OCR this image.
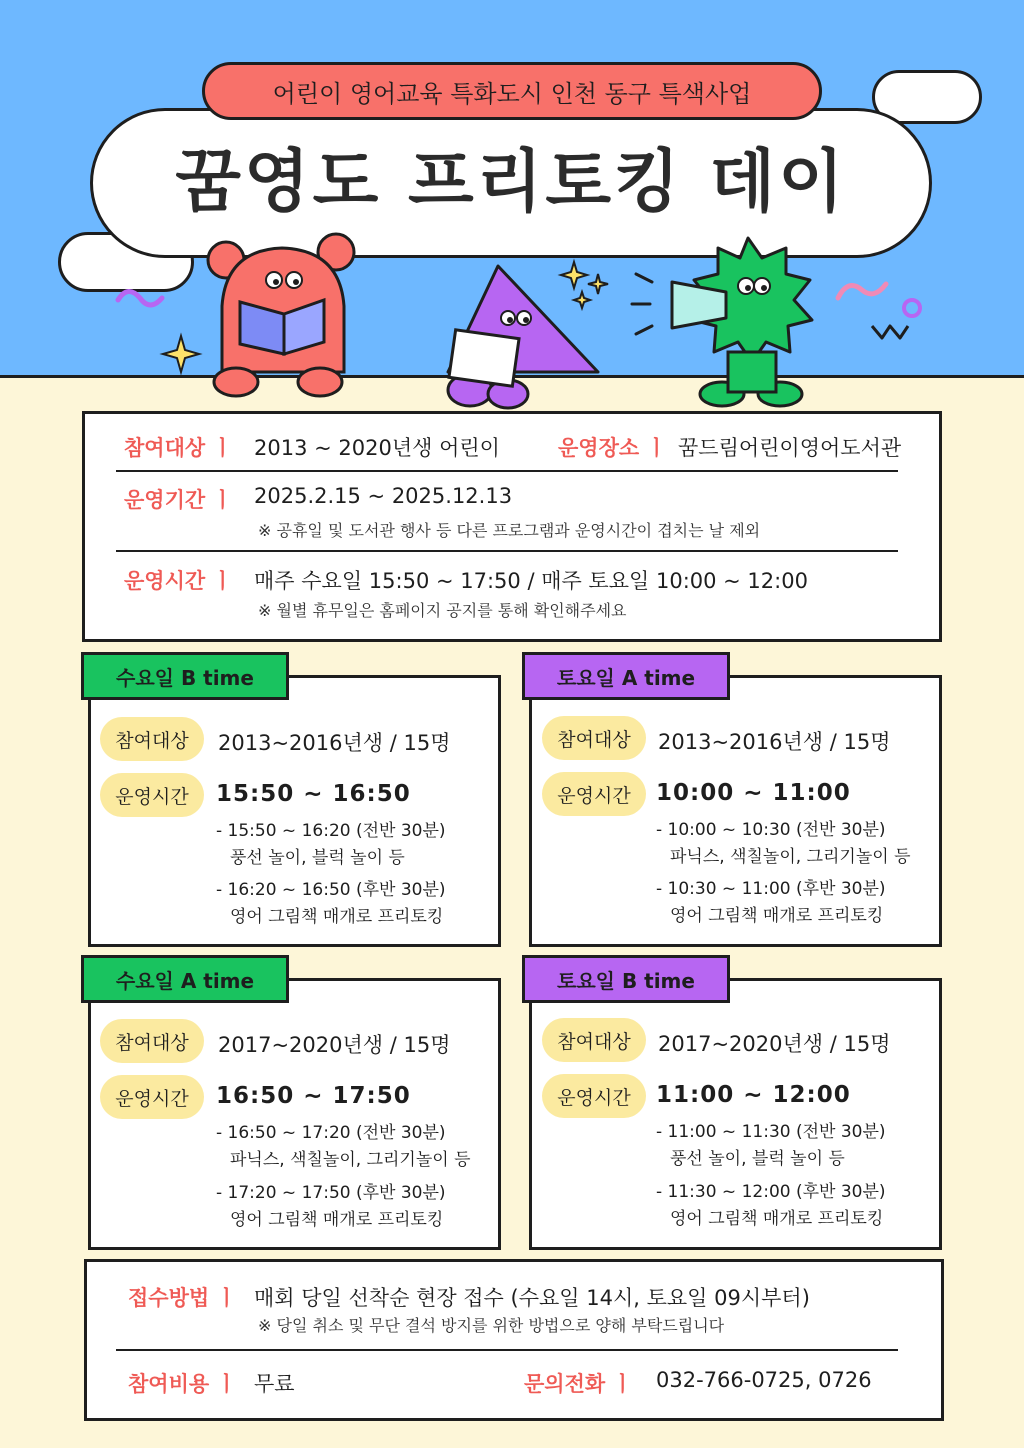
어린이 영어교육 특화도시 인천 동구 특색사업
꿈영도 프리토킹 데이
참여대상 ㅣ 2013 ~ 2020년생 어린이	운영장소 ㅣ 꿈드림어린이영어도서관
운영기간 ㅣ 2025.2.15 ~ 2025.12.13
※ 공휴일 및 도서관 행사 등 다른 프로그램과 운영시간이 겹치는 날 제외
운영시간 ㅣ 매주 수요일 15:50 ~ 17:50 / 매주 토요일 10:00 ~ 12:00
※ 월별 휴무일은 홈페이지 공지를 통해 확인해주세요
수요일 B time
참여대상	2013~2016년생 / 15명
운영시간	15:50 ~ 16:50
- 15:50 ~ 16:20 (전반 30분)
풍선 놀이, 블럭 놀이 등
- 16:20 ~ 16:50 (후반 30분)
영어 그림책 매개로 프리토킹
토요일 A time
참여대상	2013~2016년생 / 15명
운영시간	10:00 ~ 11:00
- 10:00 ~ 10:30 (전반 30분)
파닉스, 색칠놀이, 그리기놀이 등
- 10:30 ~ 11:00 (후반 30분)
영어 그림책 매개로 프리토킹
수요일 A time
참여대상	2017~2020년생 / 15명
운영시간	16:50 ~ 17:50
- 16:50 ~ 17:20 (전반 30분)
파닉스, 색칠놀이, 그리기놀이 등
- 17:20 ~ 17:50 (후반 30분)
영어 그림책 매개로 프리토킹
토요일 B time
참여대상	2017~2020년생 / 15명
운영시간	11:00 ~ 12:00
- 11:00 ~ 11:30 (전반 30분)
풍선 놀이, 블럭 놀이 등
- 11:30 ~ 12:00 (후반 30분)
영어 그림책 매개로 프리토킹
접수방법 ㅣ 매회 당일 선착순 현장 접수 (수요일 14시, 토요일 09시부터)
※ 당일 취소 및 무단 결석 방지를 위한 방법으로 양해 부탁드립니다
참여비용 ㅣ 무료	문의전화 ㅣ 032-766-0725, 0726
